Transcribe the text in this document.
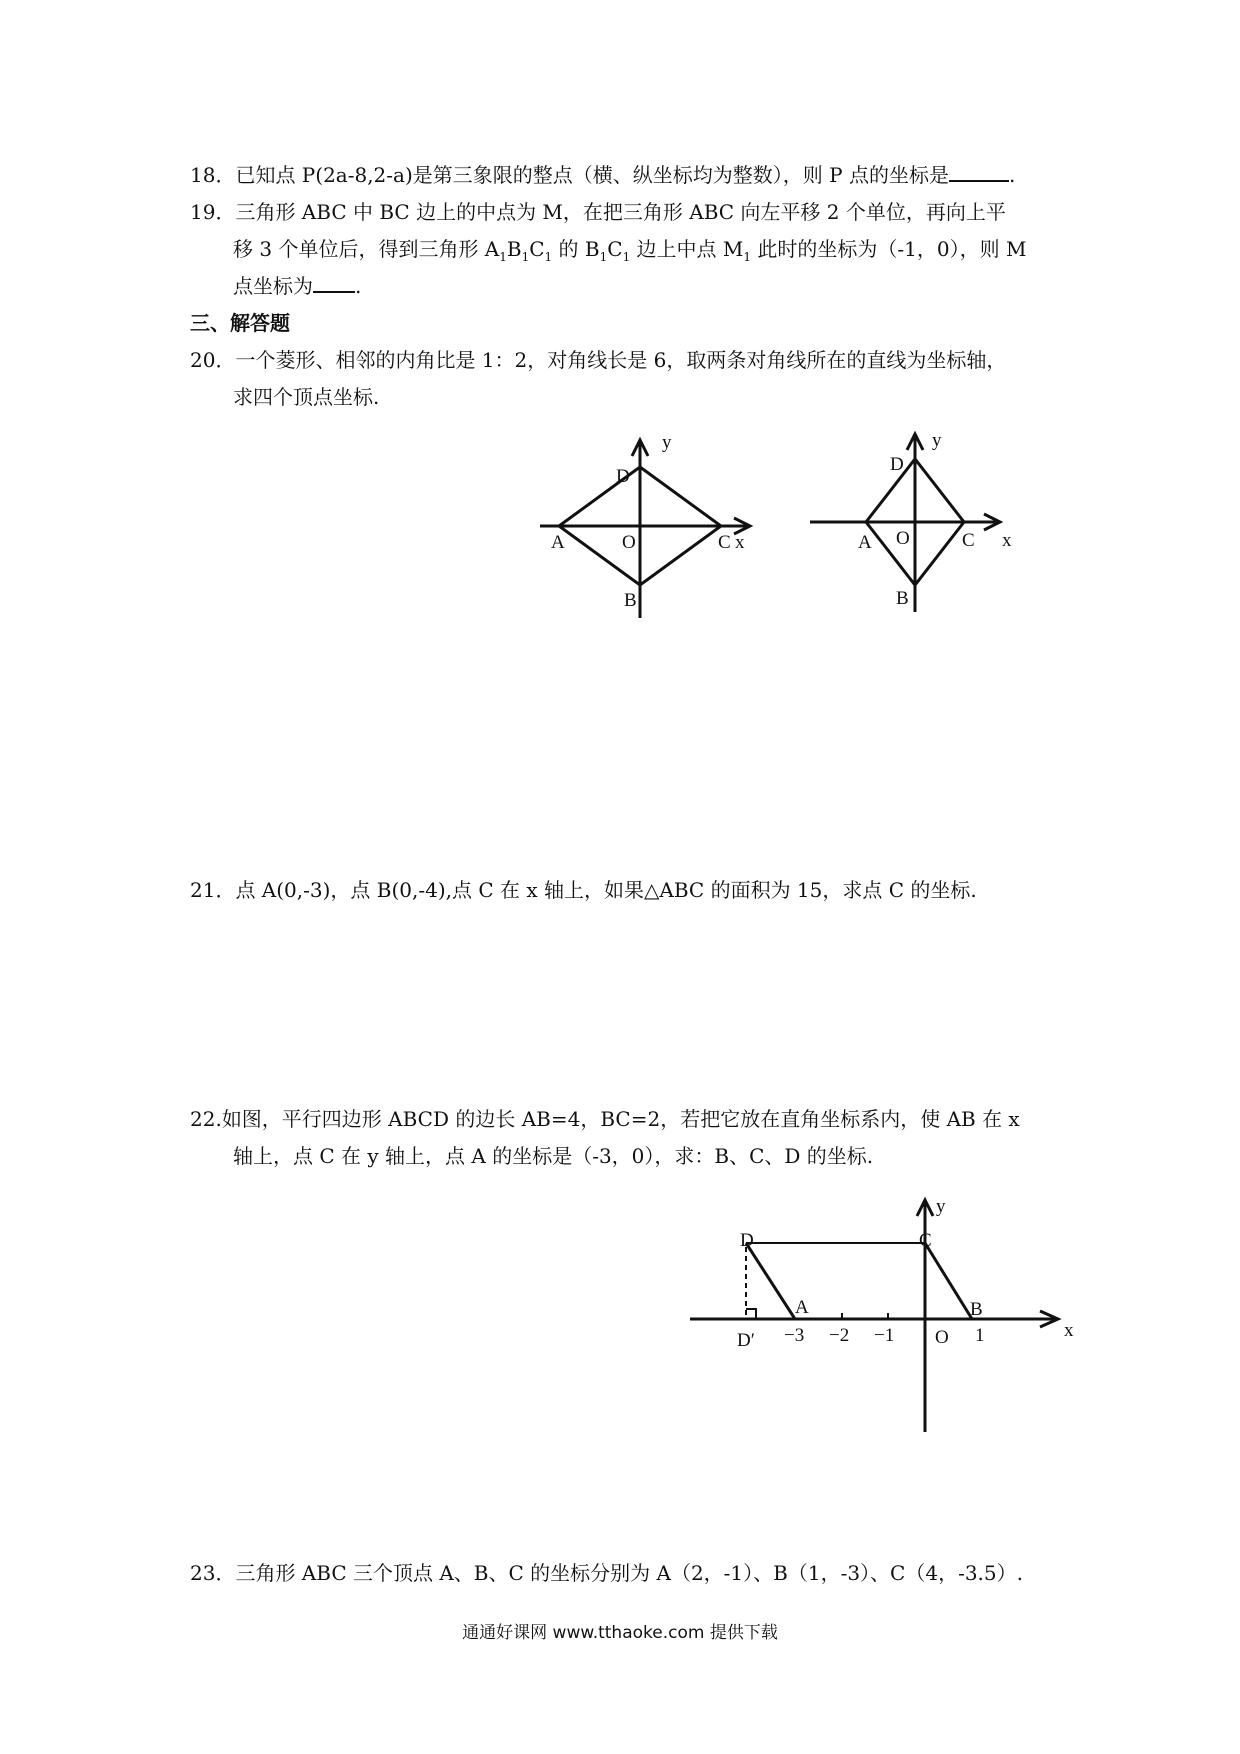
18．已知点 P(2a-8,2-a)是第三象限的整点（横、纵坐标均为整数），则 P 点的坐标是	.
19．三角形 ABC 中 BC 边上的中点为 M，在把三角形 ABC 向左平移 2 个单位，再向上平
移 3 个单位后，得到三角形 $A_1B_1C_1$ 的 $B_1C_1$ 边上中点 $M_1$ 此时的坐标为（-1，0），则 M
点坐标为 .
三、解答题
20．一个菱形、相邻的内角比是 1：2，对角线长是 6，取两条对角线所在的直线为坐标轴，
求四个顶点坐标.
y
D
A	O	C x
B
y
D
A O	C x
B
21．点 A(0,-3)，点 B(0,-4),点 C 在 x 轴上，如果△ABC 的面积为 15，求点 C 的坐标.
22.如图，平行四边形 ABCD 的边长 AB=4，BC=2，若把它放在直角坐标系内，使 AB 在 x
轴上，点 C 在 y 轴上，点 A 的坐标是（-3，0），求：B、C、D 的坐标.
y
D	C
A	B
x
D′ −3 −2 −1 O 1
23．三角形 ABC 三个顶点 A、B、C 的坐标分别为 A（2，-1）、B（1，-3）、C（4，-3.5）.
通通好课网 www.tthaoke.com 提供下载
